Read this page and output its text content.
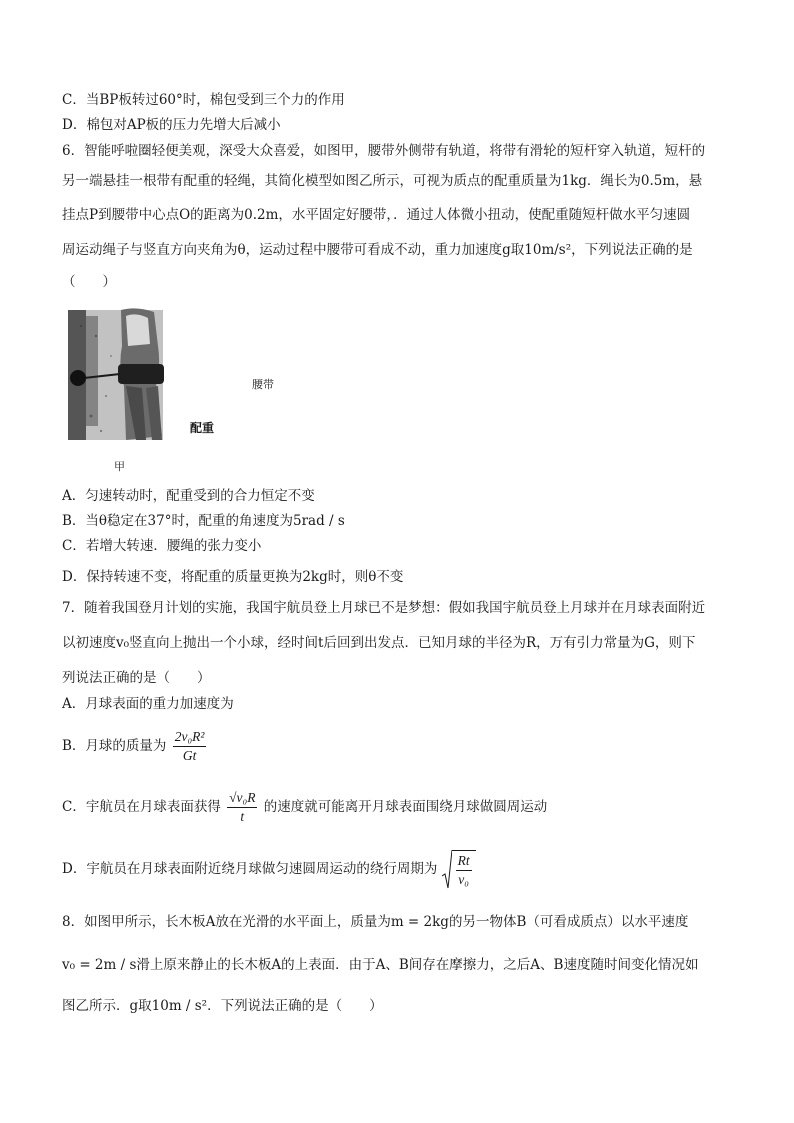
C．当BP板转过60°时，棉包受到三个力的作用
D．棉包对AP板的压力先增大后减小
6．智能呼啦圈轻便美观，深受大众喜爱，如图甲，腰带外侧带有轨道，将带有滑轮的短杆穿入轨道，短杆的
另一端悬挂一根带有配重的轻绳，其简化模型如图乙所示，可视为质点的配重质量为1kg．绳长为0.5m，悬
挂点P到腰带中心点O的距离为0.2m，水平固定好腰带，．通过人体微小扭动，使配重随短杆做水平匀速圆
周运动绳子与竖直方向夹角为θ，运动过程中腰带可看成不动，重力加速度g取10m/s²，下列说法正确的是
（　　）
腰带
配重
甲
A．匀速转动时，配重受到的合力恒定不变
B．当θ稳定在37°时，配重的角速度为5rad / s
C．若增大转速．腰绳的张力变小
D．保持转速不变，将配重的质量更换为2kg时，则θ不变
7．随着我国登月计划的实施，我国宇航员登上月球已不是梦想：假如我国宇航员登上月球并在月球表面附近
以初速度v₀竖直向上抛出一个小球，经时间t后回到出发点．已知月球的半径为R，万有引力常量为G，则下
列说法正确的是（　　）
A．月球表面的重力加速度为
B．月球的质量为 $\frac{\text{2v₀R²}}{Gt}$
C．宇航员在月球表面获得 $\frac{\text{√v₀R}}{t}$ 的速度就可能离开月球表面围绕月球做圆周运动
D．宇航员在月球表面附近绕月球做匀速圆周运动的绕行周期为 $\frac{Rt}{\text{v₀}}$
8．如图甲所示，长木板A放在光滑的水平面上，质量为m = 2kg的另一物体B（可看成质点）以水平速度
v₀ = 2m / s滑上原来静止的长木板A的上表面．由于A、B间存在摩擦力，之后A、B速度随时间变化情况如
图乙所示．g取10m / s²．下列说法正确的是（　　）
